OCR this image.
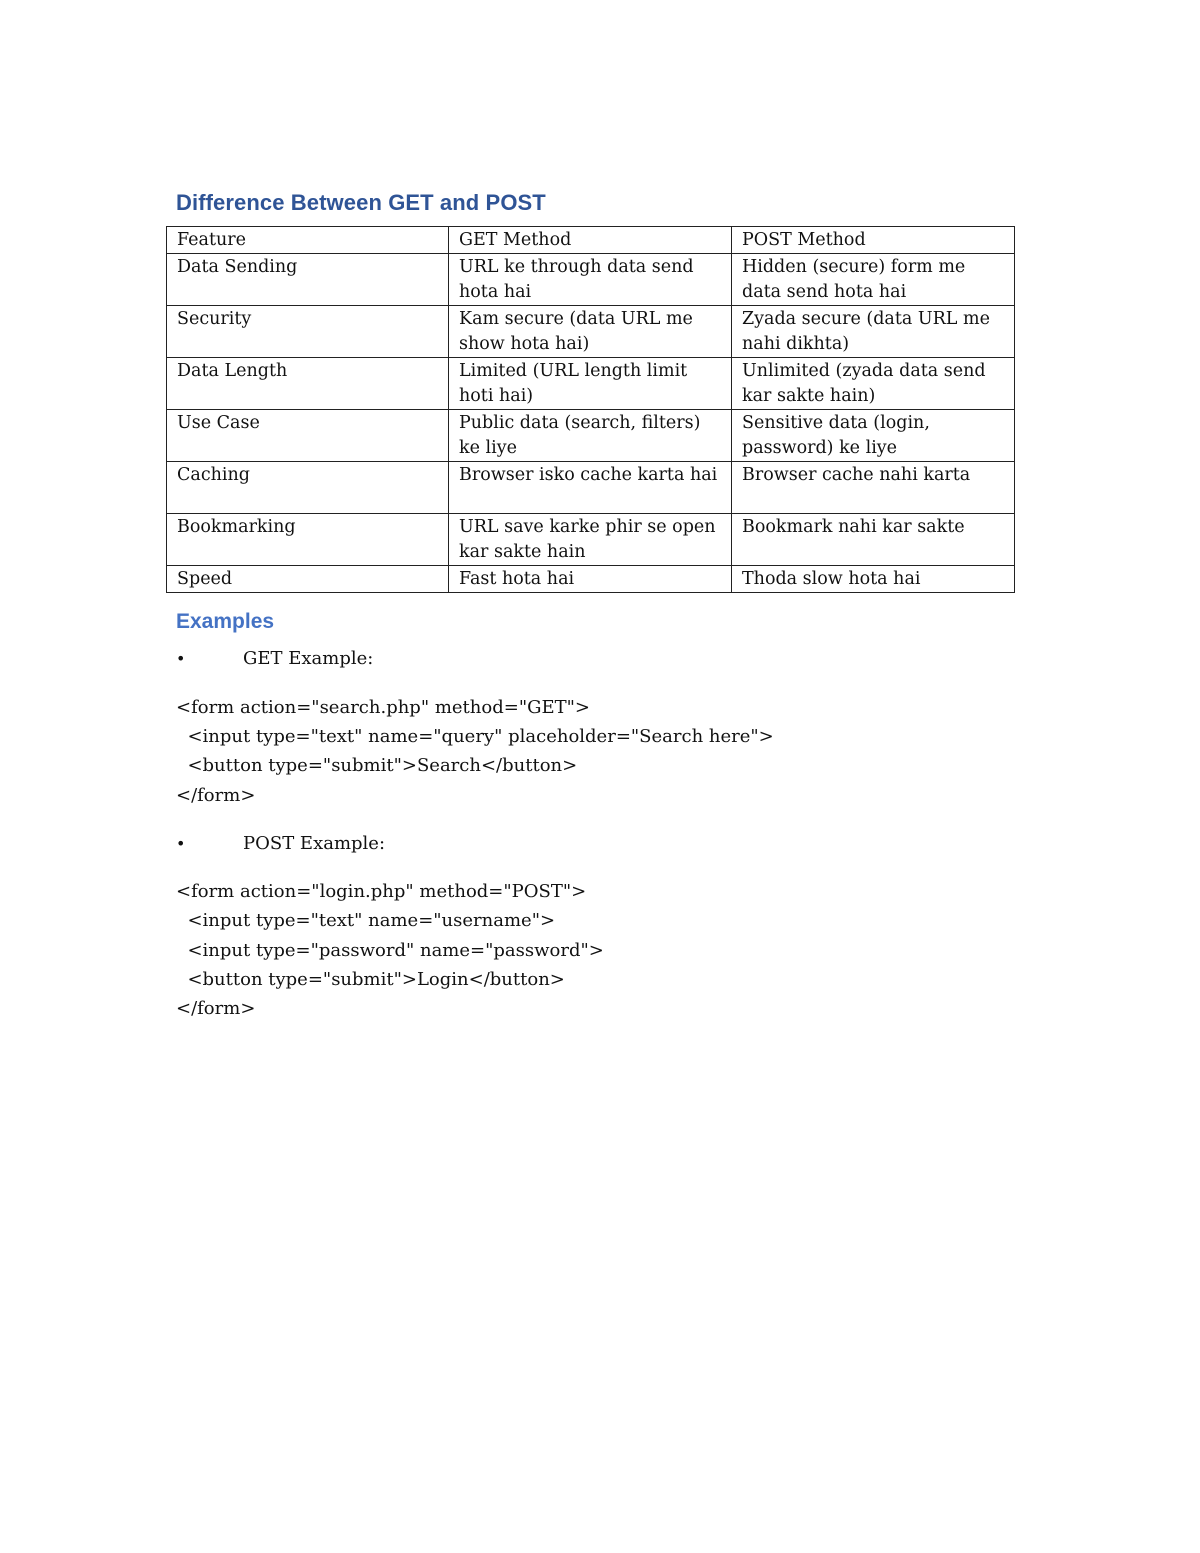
Difference Between GET and POST
Feature	GET Method	POST Method
Data Sending	URL ke through data send hota hai	Hidden (secure) form me data send hota hai
Security	Kam secure (data URL me show hota hai)	Zyada secure (data URL me nahi dikhta)
Data Length	Limited (URL length limit hoti hai)	Unlimited (zyada data send kar sakte hain)
Use Case	Public data (search, filters) ke liye	Sensitive data (login, password) ke liye
Caching	Browser isko cache karta hai	Browser cache nahi karta
Bookmarking	URL save karke phir se open kar sakte hain	Bookmark nahi kar sakte
Speed	Fast hota hai	Thoda slow hota hai
Examples
•	GET Example:
<form action="search.php" method="GET">
<input type="text" name="query" placeholder="Search here">
<button type="submit">Search</button>
</form>
•	POST Example:
<form action="login.php" method="POST">
<input type="text" name="username">
<input type="password" name="password">
<button type="submit">Login</button>
</form>
